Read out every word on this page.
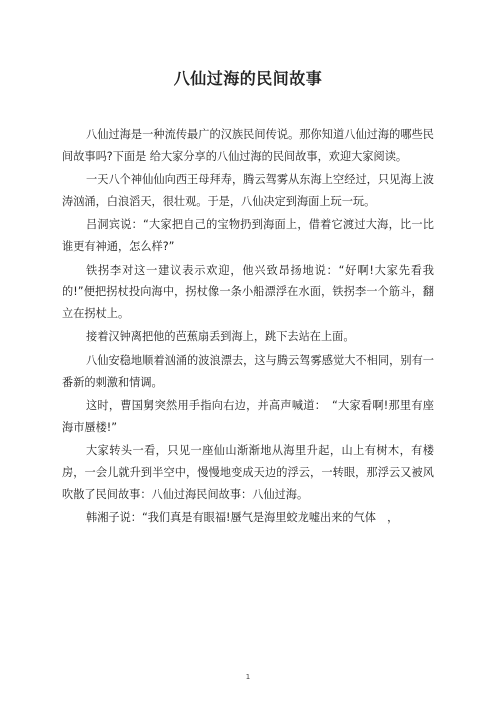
八仙过海的民间故事

八仙过海是一种流传最广的汉族民间传说。那你知道八仙过海的哪些民间故事吗?下面是 给大家分享的八仙过海的民间故事，欢迎大家阅读。

一天八个神仙仙向西王母拜寿，腾云驾雾从东海上空经过，只见海上波涛汹涌，白浪滔天，很壮观。于是，八仙决定到海面上玩一玩。

吕洞宾说：“大家把自己的宝物扔到海面上，借着它渡过大海，比一比谁更有神通，怎么样?”

铁拐李对这一建议表示欢迎，他兴致昂扬地说：“好啊!大家先看我的!”便把拐杖投向海中，拐杖像一条小船漂浮在水面，铁拐李一个筋斗，翻立在拐杖上。

接着汉钟离把他的芭蕉扇丢到海上，跳下去站在上面。

八仙安稳地顺着汹涌的波浪漂去，这与腾云驾雾感觉大不相同，别有一番新的刺激和情调。

这时，曹国舅突然用手指向右边，并高声喊道：　“大家看啊!那里有座海市蜃楼!”

大家转头一看，只见一座仙山渐渐地从海里升起，山上有树木，有楼房，一会儿就升到半空中，慢慢地变成天边的浮云，一转眼，那浮云又被风吹散了民间故事：八仙过海民间故事：八仙过海。

韩湘子说：“我们真是有眼福!蜃气是海里蛟龙嘘出来的气体　，

1
